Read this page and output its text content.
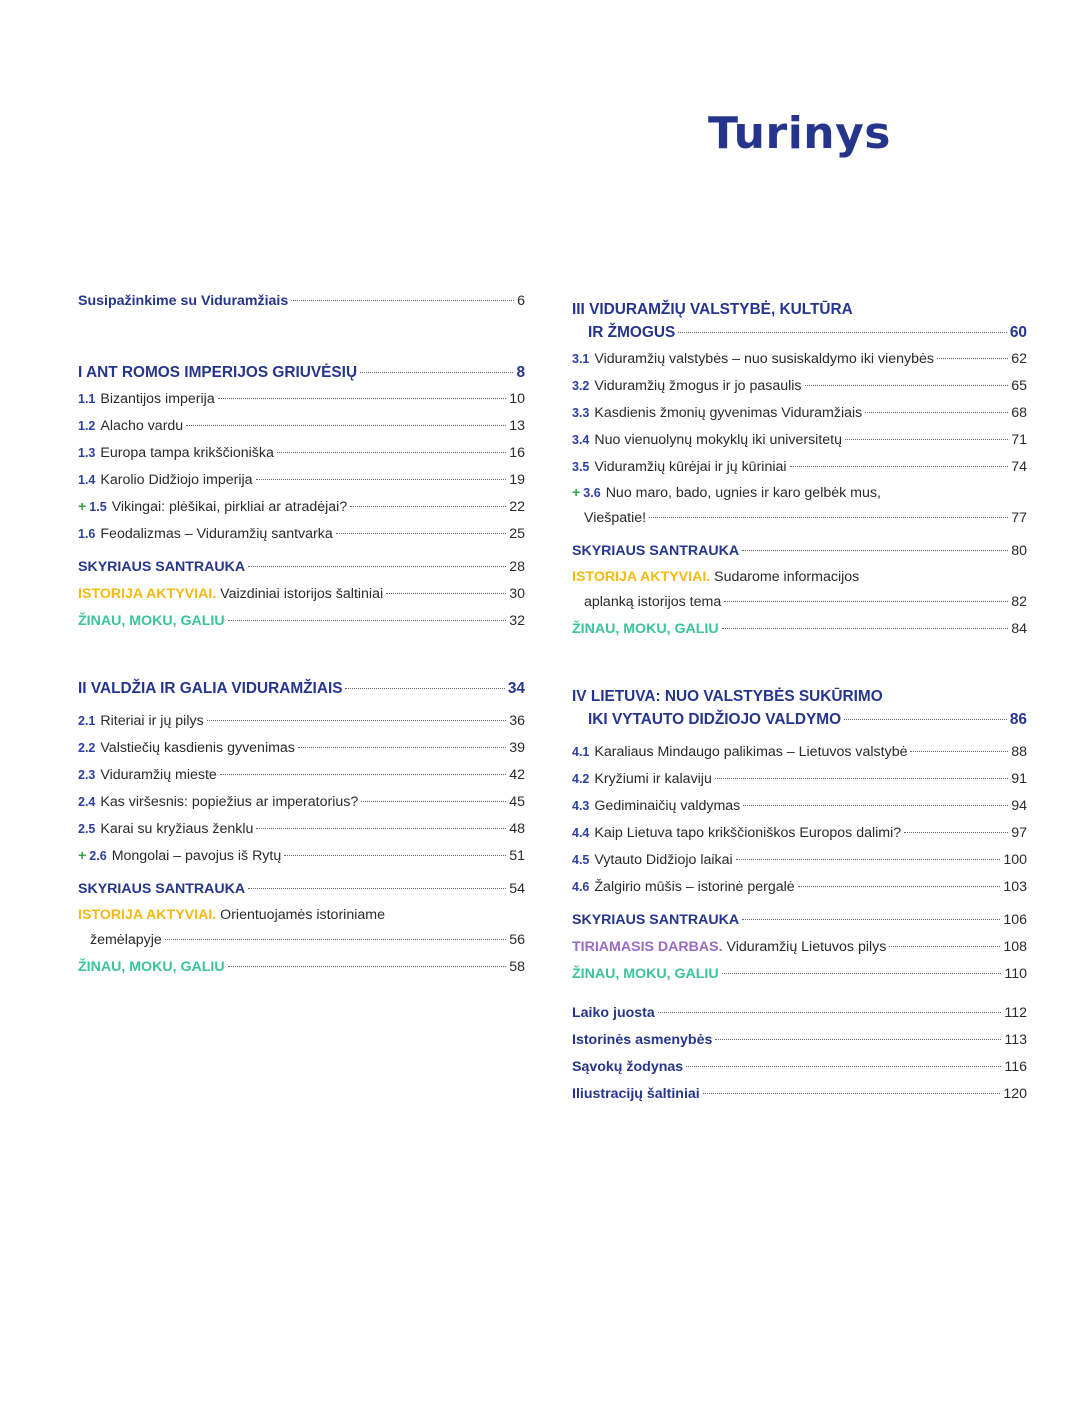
Turinys
Susipažinkime su Viduramžiais	6
I ANT ROMOS IMPERIJOS GRIUVĖSIŲ	8
1.1 Bizantijos imperija	10
1.2 Alacho vardu	13
1.3 Europa tampa krikščioniška	16
1.4 Karolio Didžiojo imperija	19
+ 1.5 Vikingai: plėšikai, pirkliai ar atradėjai?	22
1.6 Feodalizmas – Viduramžių santvarka	25
SKYRIAUS SANTRAUKA	28
ISTORIJA AKTYVIAI. Vaizdiniai istorijos šaltiniai	30
ŽINAU, MOKU, GALIU	32
II VALDŽIA IR GALIA VIDURAMŽIAIS	34
2.1 Riteriai ir jų pilys	36
2.2 Valstiečių kasdienis gyvenimas	39
2.3 Viduramžių mieste	42
2.4 Kas viršesnis: popiežius ar imperatorius?	45
2.5 Karai su kryžiaus ženklu	48
+ 2.6 Mongolai – pavojus iš Rytų	51
SKYRIAUS SANTRAUKA	54
ISTORIJA AKTYVIAI. Orientuojamės istoriniame
žemėlapyje	56
ŽINAU, MOKU, GALIU	58
III VIDURAMŽIŲ VALSTYBĖ, KULTŪRA
IR ŽMOGUS	60
3.1 Viduramžių valstybės – nuo susiskaldymo iki vienybės	62
3.2 Viduramžių žmogus ir jo pasaulis	65
3.3 Kasdienis žmonių gyvenimas Viduramžiais	68
3.4 Nuo vienuolynų mokyklų iki universitetų	71
3.5 Viduramžių kūrėjai ir jų kūriniai	74
+ 3.6 Nuo maro, bado, ugnies ir karo gelbėk mus,
Viešpatie!	77
SKYRIAUS SANTRAUKA	80
ISTORIJA AKTYVIAI. Sudarome informacijos
aplanką istorijos tema	82
ŽINAU, MOKU, GALIU	84
IV LIETUVA: NUO VALSTYBĖS SUKŪRIMO
IKI VYTAUTO DIDŽIOJO VALDYMO	86
4.1 Karaliaus Mindaugo palikimas – Lietuvos valstybė	88
4.2 Kryžiumi ir kalaviju	91
4.3 Gediminaičių valdymas	94
4.4 Kaip Lietuva tapo krikščioniškos Europos dalimi?	97
4.5 Vytauto Didžiojo laikai	100
4.6 Žalgirio mūšis – istorinė pergalė	103
SKYRIAUS SANTRAUKA	106
TIRIAMASIS DARBAS. Viduramžių Lietuvos pilys	108
ŽINAU, MOKU, GALIU	110
Laiko juosta	112
Istorinės asmenybės	113
Sąvokų žodynas	116
Iliustracijų šaltiniai	120
